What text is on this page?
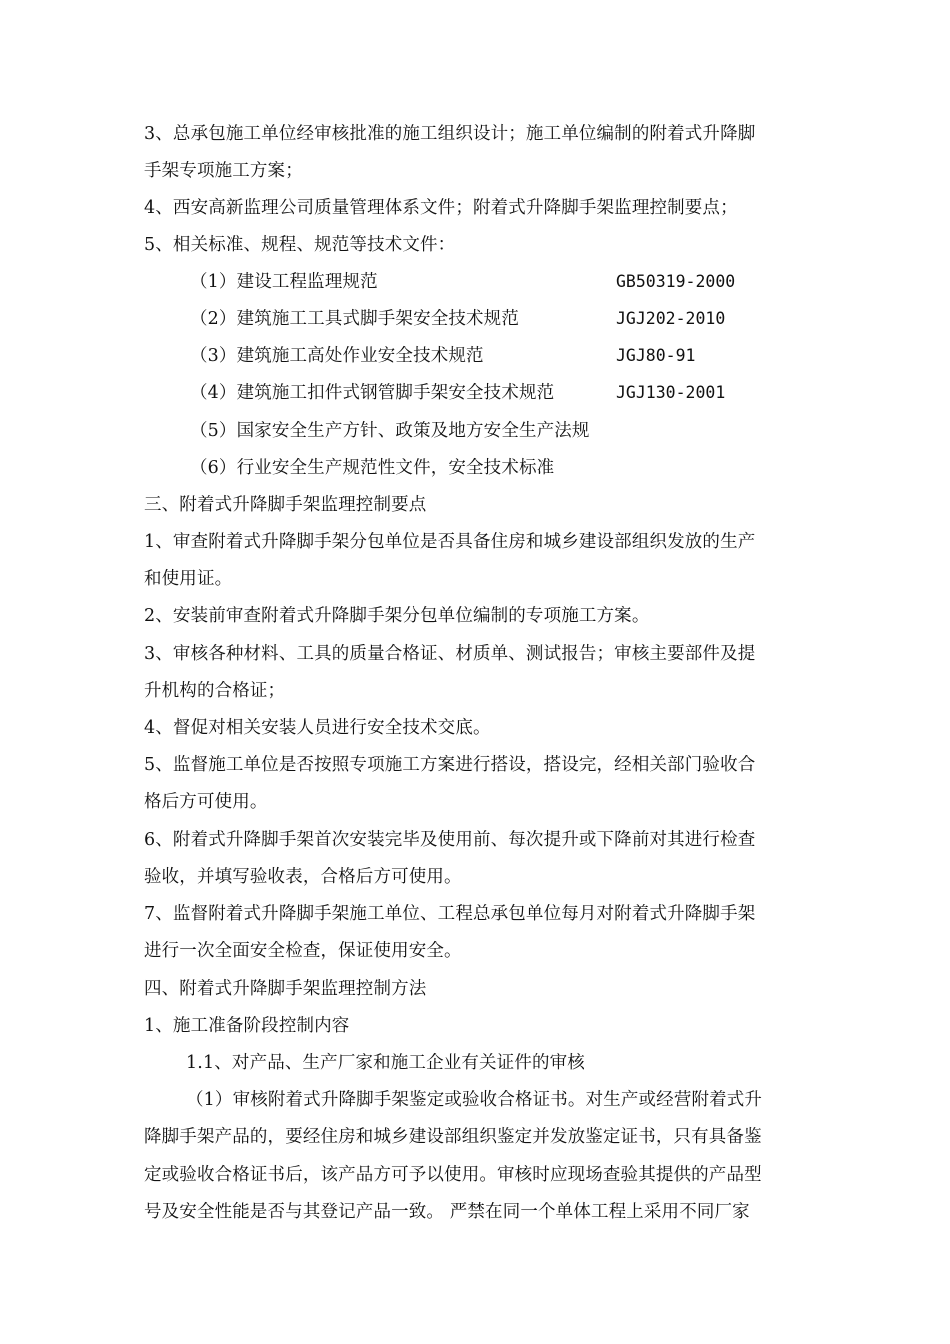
3、总承包施工单位经审核批准的施工组织设计；施工单位编制的附着式升降脚
手架专项施工方案；
4、西安高新监理公司质量管理体系文件；附着式升降脚手架监理控制要点；
5、相关标准、规程、规范等技术文件：
（1）建设工程监理规范	GB50319-2000
（2）建筑施工工具式脚手架安全技术规范	JGJ202-2010
（3）建筑施工高处作业安全技术规范	JGJ80-91
（4）建筑施工扣件式钢管脚手架安全技术规范	JGJ130-2001
（5）国家安全生产方针、政策及地方安全生产法规
（6）行业安全生产规范性文件，安全技术标准
三、附着式升降脚手架监理控制要点
1、审查附着式升降脚手架分包单位是否具备住房和城乡建设部组织发放的生产
和使用证。
2、安装前审查附着式升降脚手架分包单位编制的专项施工方案。
3、审核各种材料、工具的质量合格证、材质单、测试报告；审核主要部件及提
升机构的合格证；
4、督促对相关安装人员进行安全技术交底。
5、监督施工单位是否按照专项施工方案进行搭设，搭设完，经相关部门验收合
格后方可使用。
6、附着式升降脚手架首次安装完毕及使用前、每次提升或下降前对其进行检查
验收，并填写验收表，合格后方可使用。
7、监督附着式升降脚手架施工单位、工程总承包单位每月对附着式升降脚手架
进行一次全面安全检查，保证使用安全。
四、附着式升降脚手架监理控制方法
1、施工准备阶段控制内容
1.1、对产品、生产厂家和施工企业有关证件的审核
（1）审核附着式升降脚手架鉴定或验收合格证书。对生产或经营附着式升
降脚手架产品的，要经住房和城乡建设部组织鉴定并发放鉴定证书，只有具备鉴
定或验收合格证书后，该产品方可予以使用。审核时应现场查验其提供的产品型
号及安全性能是否与其登记产品一致。 严禁在同一个单体工程上采用不同厂家
